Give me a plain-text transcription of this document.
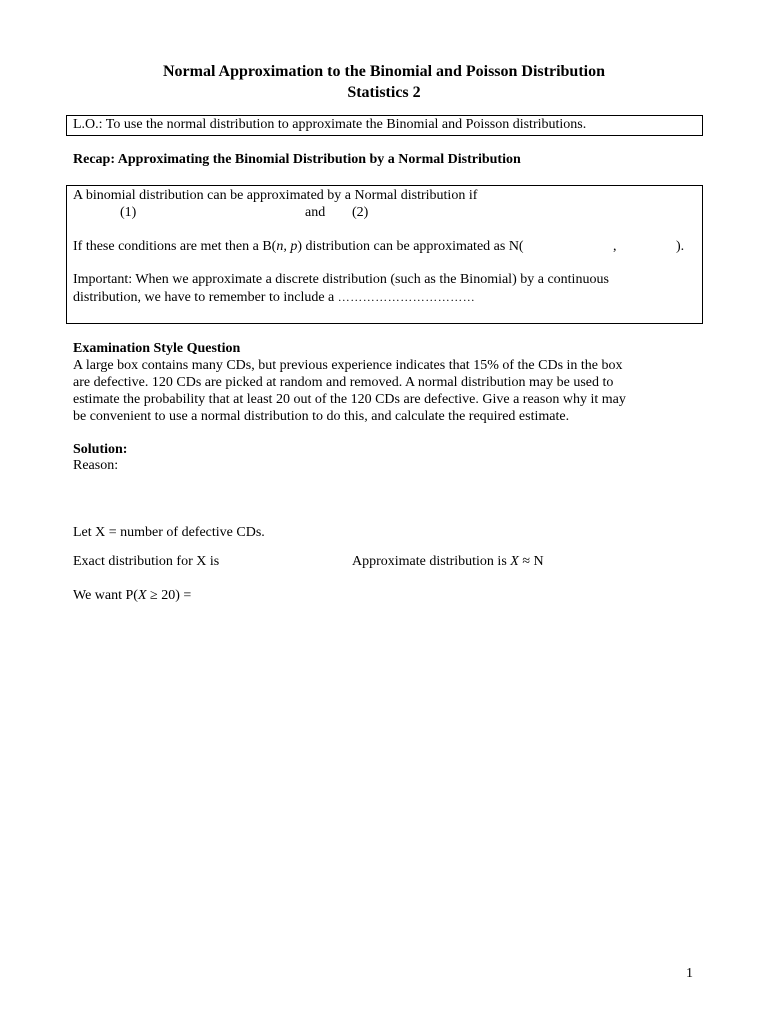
Normal Approximation to the Binomial and Poisson Distribution
Statistics 2
L.O.: To use the normal distribution to approximate the Binomial and Poisson distributions.
Recap: Approximating the Binomial Distribution by a Normal Distribution
A binomial distribution can be approximated by a Normal distribution if
(1)	and (2)
If these conditions are met then a B(n, p) distribution can be approximated as N(	,	).
Important: When we approximate a discrete distribution (such as the Binomial) by a continuous
distribution, we have to remember to include a ……………………………
Examination Style Question
A large box contains many CDs, but previous experience indicates that 15% of the CDs in the box
are defective. 120 CDs are picked at random and removed. A normal distribution may be used to
estimate the probability that at least 20 out of the 120 CDs are defective. Give a reason why it may
be convenient to use a normal distribution to do this, and calculate the required estimate.
Solution:
Reason:
Let X = number of defective CDs.
Exact distribution for X is	Approximate distribution is X ≈ N
We want P(X ≥ 20) =
1
